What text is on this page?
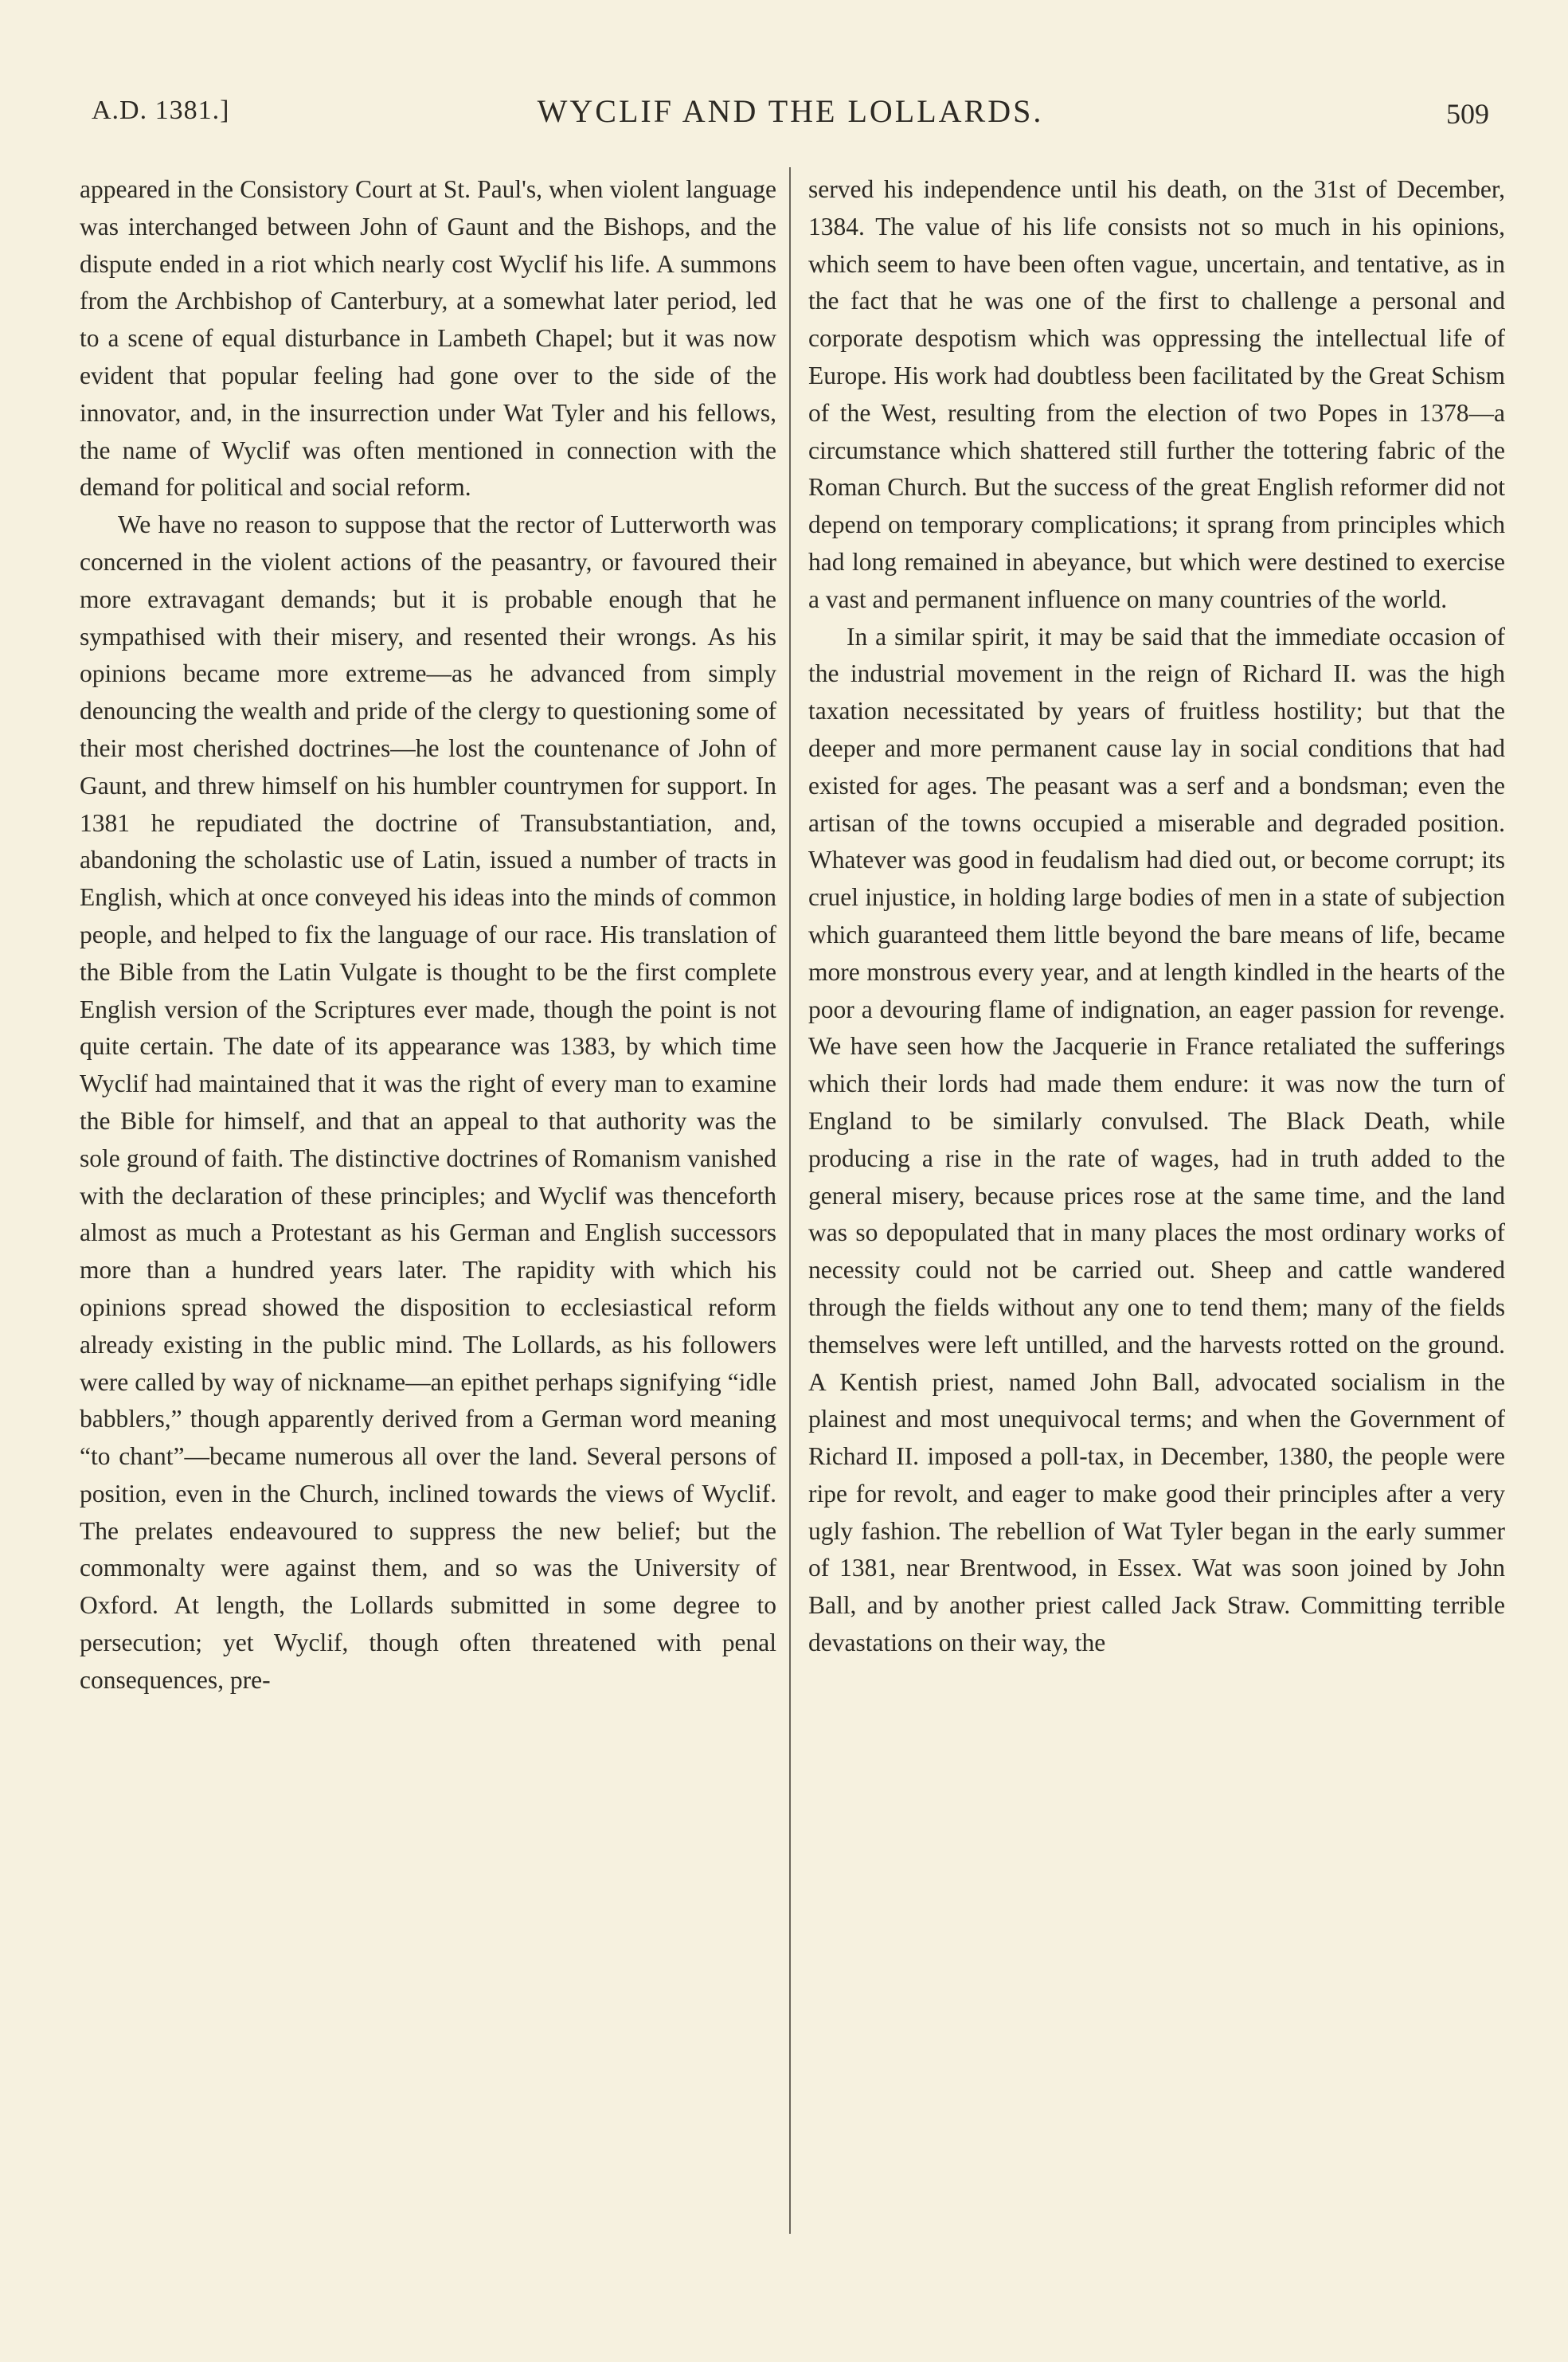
A.D. 1381.]	WYCLIF AND THE LOLLARDS.	509

appeared in the Consistory Court at St. Paul's, when violent language was interchanged between John of Gaunt and the Bishops, and the dispute ended in a riot which nearly cost Wyclif his life. A summons from the Archbishop of Canterbury, at a somewhat later period, led to a scene of equal disturbance in Lambeth Chapel; but it was now evident that popular feeling had gone over to the side of the innovator, and, in the insurrection under Wat Tyler and his fellows, the name of Wyclif was often mentioned in connection with the demand for political and social reform.

We have no reason to suppose that the rector of Lutterworth was concerned in the violent actions of the peasantry, or favoured their more extravagant demands; but it is probable enough that he sympathised with their misery, and resented their wrongs. As his opinions became more extreme—as he advanced from simply denouncing the wealth and pride of the clergy to questioning some of their most cherished doctrines—he lost the countenance of John of Gaunt, and threw himself on his humbler countrymen for support. In 1381 he repudiated the doctrine of Transubstantiation, and, abandoning the scholastic use of Latin, issued a number of tracts in English, which at once conveyed his ideas into the minds of common people, and helped to fix the language of our race. His translation of the Bible from the Latin Vulgate is thought to be the first complete English version of the Scriptures ever made, though the point is not quite certain. The date of its appearance was 1383, by which time Wyclif had maintained that it was the right of every man to examine the Bible for himself, and that an appeal to that authority was the sole ground of faith. The distinctive doctrines of Romanism vanished with the declaration of these principles; and Wyclif was thenceforth almost as much a Protestant as his German and English successors more than a hundred years later. The rapidity with which his opinions spread showed the disposition to ecclesiastical reform already existing in the public mind. The Lollards, as his followers were called by way of nickname—an epithet perhaps signifying “idle babblers,” though apparently derived from a German word meaning “to chant”—became numerous all over the land. Several persons of position, even in the Church, inclined towards the views of Wyclif. The prelates endeavoured to suppress the new belief; but the commonalty were against them, and so was the University of Oxford. At length, the Lollards submitted in some degree to persecution; yet Wyclif, though often threatened with penal consequences, pre-

served his independence until his death, on the 31st of December, 1384. The value of his life consists not so much in his opinions, which seem to have been often vague, uncertain, and tentative, as in the fact that he was one of the first to challenge a personal and corporate despotism which was oppressing the intellectual life of Europe. His work had doubtless been facilitated by the Great Schism of the West, resulting from the election of two Popes in 1378—a circumstance which shattered still further the tottering fabric of the Roman Church. But the success of the great English reformer did not depend on temporary complications; it sprang from principles which had long remained in abeyance, but which were destined to exercise a vast and permanent influence on many countries of the world.

In a similar spirit, it may be said that the immediate occasion of the industrial movement in the reign of Richard II. was the high taxation necessitated by years of fruitless hostility; but that the deeper and more permanent cause lay in social conditions that had existed for ages. The peasant was a serf and a bondsman; even the artisan of the towns occupied a miserable and degraded position. Whatever was good in feudalism had died out, or become corrupt; its cruel injustice, in holding large bodies of men in a state of subjection which guaranteed them little beyond the bare means of life, became more monstrous every year, and at length kindled in the hearts of the poor a devouring flame of indignation, an eager passion for revenge. We have seen how the Jacquerie in France retaliated the sufferings which their lords had made them endure: it was now the turn of England to be similarly convulsed. The Black Death, while producing a rise in the rate of wages, had in truth added to the general misery, because prices rose at the same time, and the land was so depopulated that in many places the most ordinary works of necessity could not be carried out. Sheep and cattle wandered through the fields without any one to tend them; many of the fields themselves were left untilled, and the harvests rotted on the ground. A Kentish priest, named John Ball, advocated socialism in the plainest and most unequivocal terms; and when the Government of Richard II. imposed a poll-tax, in December, 1380, the people were ripe for revolt, and eager to make good their principles after a very ugly fashion. The rebellion of Wat Tyler began in the early summer of 1381, near Brentwood, in Essex. Wat was soon joined by John Ball, and by another priest called Jack Straw. Committing terrible devastations on their way, the
